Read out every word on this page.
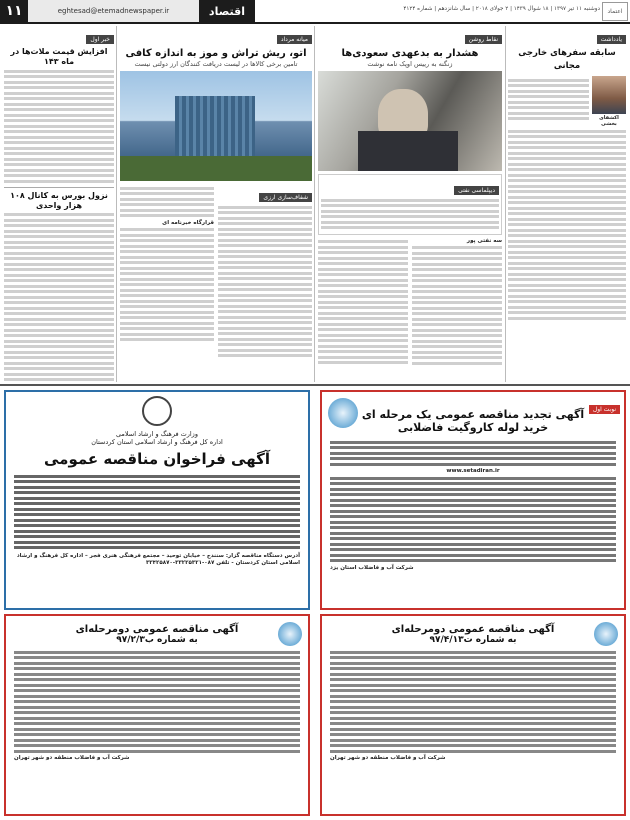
۱۱	eghtesad@etemadnewspaper.ir	اقتصاد	دوشنبه ۱۱ تیر ۱۳۹۷ | ۱۸ شوال ۱۴۳۹ | ۲ جولای ۲۰۱۸ | سال شانزدهم | شماره ۴۱۲۴	اعتماد
یادداشت
سابقه سفرهای خارجی مجانی
اکشفای بخشی
نقاط روشن
هشدار به بدعهدی سعودی‌ها
زنگنه به رییس اوپک نامه نوشت
دیپلماسی نفتی
سه نفتی پور
میانه مرداد
اتو، ریش تراش و موز به اندازه کافی
تامین برخی کالاها در لیست دریافت کنندگان ارز دولتی نیست
شفاف‌سازی ارزی
قرارگاه خبرنامه ای
خبر اول
افزایش قیمت ملات‌ها در ماه ۱۴۳
نزول بورس به کانال ۱۰۸ هزار واحدی
وزارت فرهنگ و ارشاد اسلامی
اداره کل فرهنگ و ارشاد اسلامی استان کردستان
آگهی فراخوان مناقصه عمومی
آدرس دستگاه مناقصه گزار: سنندج – خیابان توحید – مجتمع فرهنگی هنری فجر – اداره کل فرهنگ و ارشاد اسلامی استان کردستان - تلفن ۰۸۷-۳۳۲۲۵۳۲۱-۳۳۴۲۵۸۷۰
نوبت اول
آگهی تجدید مناقصه عمومی یک مرحله ای
خرید لوله کاروگیت فاضلابی
www.setadiran.ir
شرکت آب و فاضلاب استان یزد
آگهی مناقصه عمومی دومرحله‌ای
به شماره ب۹۷/۲/۳
شرکت آب و فاضلاب منطقه دو شهر تهران
آگهی مناقصه عمومی دومرحله‌ای
به شماره ت۹۷/۴/۱۳
شرکت آب و فاضلاب منطقه دو شهر تهران
